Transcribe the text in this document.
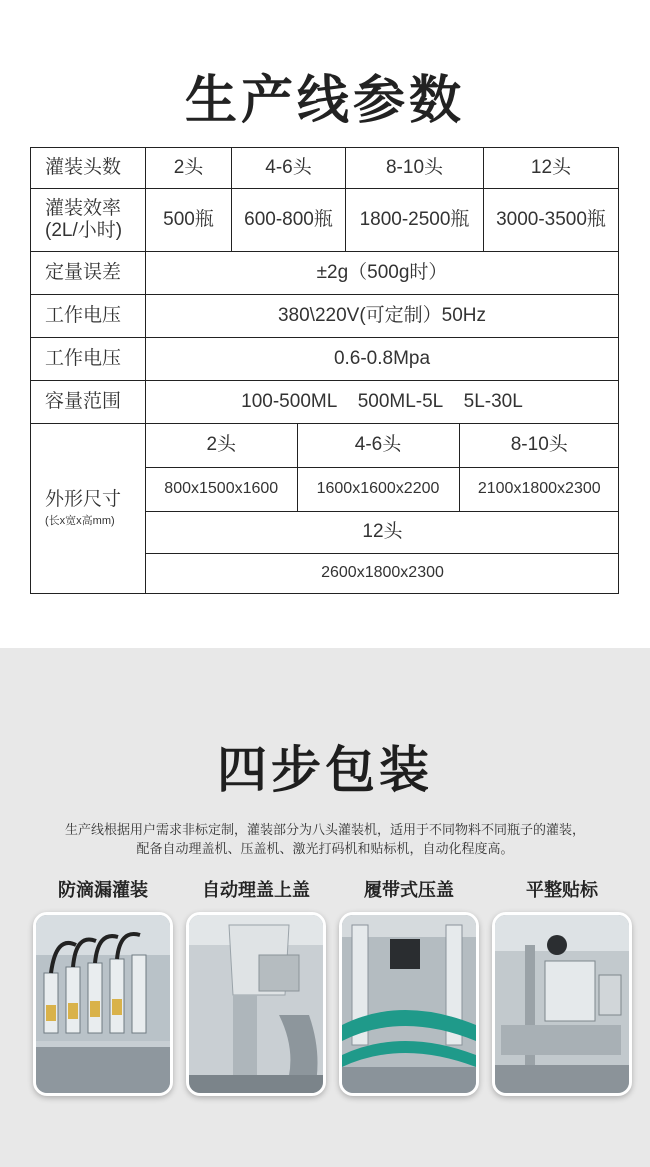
生产线参数
灌装头数	2头	4-6头	8-10头	12头
灌装效率(2L/小时)	500瓶	600-800瓶	1800-2500瓶	3000-3500瓶
定量误差	±2g（500g时）
工作电压	380\220V(可定制）50Hz
工作电压	0.6-0.8Mpa
容量范围	100-500ML    500ML-5L    5L-30L
外形尺寸
(长x宽x高mm)

2头	4-6头	8-10头
800x1500x1600	1600x1600x2200	2100x1800x2300
12头
2600x1800x2300
四步包装
生产线根据用户需求非标定制，灌装部分为八头灌装机，适用于不同物料不同瓶子的灌装，配备自动理盖机、压盖机、激光打码机和贴标机，自动化程度高。
防滴漏灌装	自动理盖上盖	履带式压盖	平整贴标
